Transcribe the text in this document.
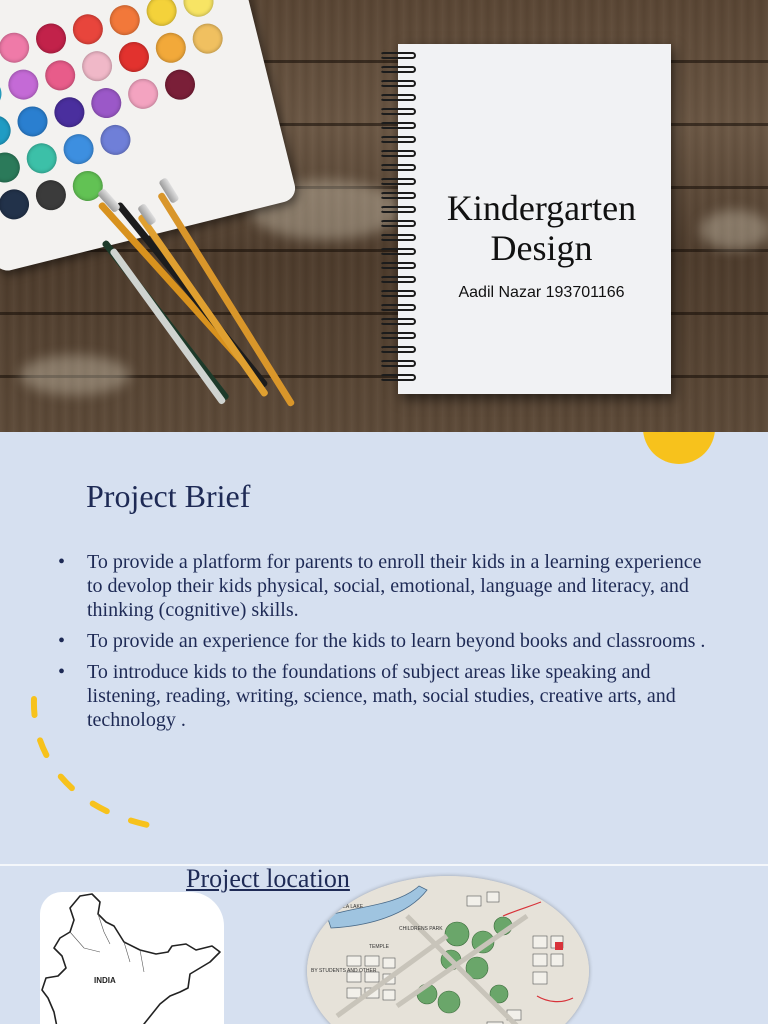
Kindergarten
Design
Aadil Nazar 193701166
Project Brief
• To provide a platform for parents to enroll their kids in a learning experience to devolop their kids physical, social, emotional, language and literacy, and thinking (cognitive) skills.
• To provide an experience for the kids to learn beyond books and classrooms .
• To introduce kids to the foundations of subject areas like speaking and listening, reading, writing, science, math, social studies, creative arts, and technology .
Project location
INDIA
ALLA LAKE
CHILDRENS PARK
TEMPLE
BY STUDENTS AND OTHER
